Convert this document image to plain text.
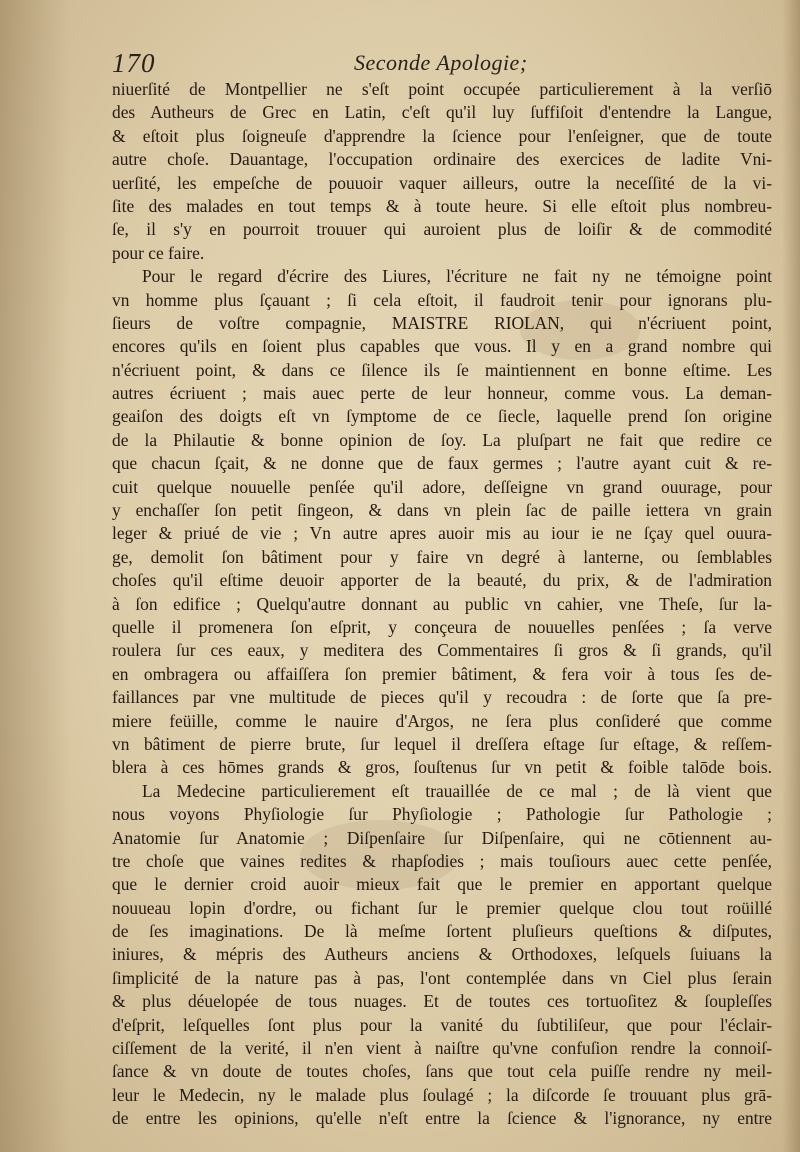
170	Seconde Apologie;
niuerſité de Montpellier ne s'eſt point occupée particulierement à la verſiō
des Autheurs de Grec en Latin, c'eſt qu'il luy ſuffiſoit d'entendre la Langue,
& eſtoit plus ſoigneuſe d'apprendre la ſcience pour l'enſeigner, que de toute
autre choſe. Dauantage, l'occupation ordinaire des exercices de ladite Vni-
uerſité, les empeſche de pouuoir vaquer ailleurs, outre la neceſſité de la vi-
ſite des malades en tout temps & à toute heure. Si elle eſtoit plus nombreu-
ſe, il s'y en pourroit trouuer qui auroient plus de loiſir & de commodité
pour ce faire.
Pour le regard d'écrire des Liures, l'écriture ne fait ny ne témoigne point
vn homme plus ſçauant ; ſi cela eſtoit, il faudroit tenir pour ignorans plu-
ſieurs de voſtre compagnie, MAISTRE RIOLAN, qui n'écriuent point,
encores qu'ils en ſoient plus capables que vous. Il y en a grand nombre qui
n'écriuent point, & dans ce ſilence ils ſe maintiennent en bonne eſtime. Les
autres écriuent ; mais auec perte de leur honneur, comme vous. La deman-
geaiſon des doigts eſt vn ſymptome de ce ſiecle, laquelle prend ſon origine
de la Philautie & bonne opinion de ſoy. La pluſpart ne fait que redire ce
que chacun ſçait, & ne donne que de faux germes ; l'autre ayant cuit & re-
cuit quelque nouuelle penſée qu'il adore, deſſeigne vn grand ouurage, pour
y enchaſſer ſon petit ſingeon, & dans vn plein ſac de paille iettera vn grain
leger & priué de vie ; Vn autre apres auoir mis au iour ie ne ſçay quel ouura-
ge, demolit ſon bâtiment pour y faire vn degré à lanterne, ou ſemblables
choſes qu'il eſtime deuoir apporter de la beauté, du prix, & de l'admiration
à ſon edifice ; Quelqu'autre donnant au public vn cahier, vne Theſe, ſur la-
quelle il promenera ſon eſprit, y conçeura de nouuelles penſées ; ſa verve
roulera ſur ces eaux, y meditera des Commentaires ſi gros & ſi grands, qu'il
en ombragera ou affaiſſera ſon premier bâtiment, & fera voir à tous ſes de-
faillances par vne multitude de pieces qu'il y recoudra : de ſorte que ſa pre-
miere feüille, comme le nauire d'Argos, ne ſera plus conſideré que comme
vn bâtiment de pierre brute, ſur lequel il dreſſera eſtage ſur eſtage, & reſſem-
blera à ces hōmes grands & gros, ſouſtenus ſur vn petit & foible talōde bois.
La Medecine particulierement eſt trauaillée de ce mal ; de là vient que
nous voyons Phyſiologie ſur Phyſiologie ; Pathologie ſur Pathologie ;
Anatomie ſur Anatomie ; Diſpenſaire ſur Diſpenſaire, qui ne cōtiennent au-
tre choſe que vaines redites & rhapſodies ; mais touſiours auec cette penſée,
que le dernier croid auoir mieux fait que le premier en apportant quelque
nouueau lopin d'ordre, ou fichant ſur le premier quelque clou tout roüillé
de ſes imaginations. De là meſme ſortent pluſieurs queſtions & diſputes,
iniures, & mépris des Autheurs anciens & Orthodoxes, leſquels ſuiuans la
ſimplicité de la nature pas à pas, l'ont contemplée dans vn Ciel plus ſerain
& plus déuelopée de tous nuages. Et de toutes ces tortuoſitez & ſoupleſſes
d'eſprit, leſquelles ſont plus pour la vanité du ſubtiliſeur, que pour l'éclair-
ciſſement de la verité, il n'en vient à naiſtre qu'vne confuſion rendre la connoiſ-
ſance & vn doute de toutes choſes, ſans que tout cela puiſſe rendre ny meil-
leur le Medecin, ny le malade plus ſoulagé ; la diſcorde ſe trouuant plus grā-
de entre les opinions, qu'elle n'eſt entre la ſcience & l'ignorance, ny entre
